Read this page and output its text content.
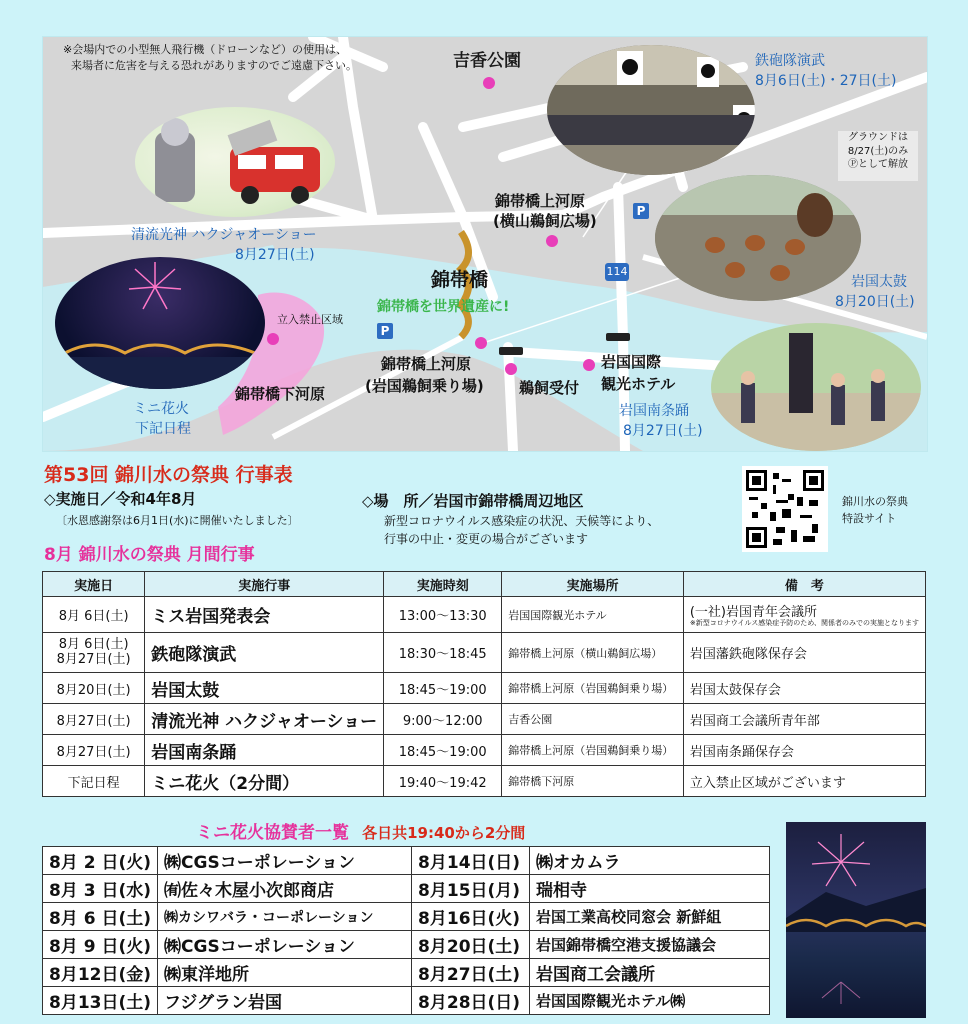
※会場内での小型無人飛行機（ドローンなど）の使用は、
来場者に危害を与える恐れがありますのでご遠慮下さい。	吉香公園
清流光神 ハクジャオーショー
8月27日(土)
鉄砲隊演武
8月6日(土)・27日(土)
グラウンドは
8/27(土)のみ
Ⓟとして解放
錦帯橋上河原
(横山鵜飼広場)
P
P
114
岩国太鼓
8月20日(土)
錦帯橋
錦帯橋を世界遺産に!
立入禁止区域
錦帯橋上河原
(岩国鵜飼乗り場) 鵜飼受付
岩国国際
観光ホテル
錦帯橋下河原
ミニ花火
下記日程
岩国南条踊
8月27日(土)
第53回 錦川水の祭典 行事表
◇実施日／令和4年8月
〔水恩感謝祭は6月1日(水)に開催いたしました〕
◇場　所／岩国市錦帯橋周辺地区
新型コロナウイルス感染症の状況、天候等により、
行事の中止・変更の場合がございます
8月 錦川水の祭典 月間行事
錦川水の祭典
特設サイト
実施日	実施行事	実施時刻	実施場所	備　考
8月 6日(土)	ミス岩国発表会	13:00〜13:30	岩国国際観光ホテル	(一社)岩国青年会議所
※新型コロナウイルス感染症予防のため、関係者のみでの実施となります

8月 6日(土)
8月27日(土)	鉄砲隊演武	18:30〜18:45	錦帯橋上河原（横山鵜飼広場）	岩国藩鉄砲隊保存会
8月20日(土)	岩国太鼓	18:45〜19:00	錦帯橋上河原（岩国鵜飼乗り場）	岩国太鼓保存会
8月27日(土)	清流光神 ハクジャオーショー	9:00〜12:00	吉香公園	岩国商工会議所青年部
8月27日(土)	岩国南条踊	18:45〜19:00	錦帯橋上河原（岩国鵜飼乗り場）	岩国南条踊保存会
下記日程	ミニ花火（2分間）	19:40〜19:42	錦帯橋下河原	立入禁止区域がございます
ミニ花火協賛者一覧 各日共19:40から2分間
8月 2 日(火)	㈱CGSコーポレーション	8月14日(日)	㈱オカムラ
8月 3 日(水)	㈲佐々木屋小次郎商店	8月15日(月)	瑞相寺
8月 6 日(土)	㈱カシワバラ・コーポレーション	8月16日(火)	岩国工業高校同窓会 新鮮組
8月 9 日(火)	㈱CGSコーポレーション	8月20日(土)	岩国錦帯橋空港支援協議会
8月12日(金)	㈱東洋地所	8月27日(土)	岩国商工会議所
8月13日(土)	フジグラン岩国	8月28日(日)	岩国国際観光ホテル㈱
